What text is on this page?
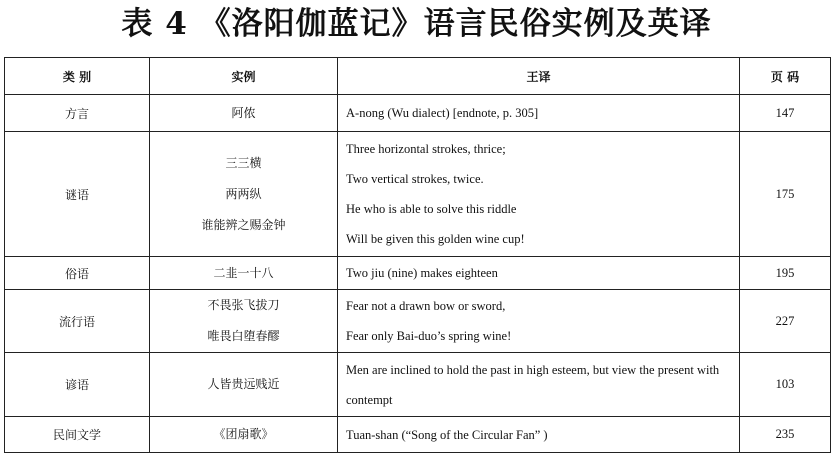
表 4 《洛阳伽蓝记》语言民俗实例及英译
类 别	实例	王译	页 码
方言	阿侬	A-nong (Wu dialect) [endnote, p. 305]	147
谜语	三三横
两两纵
谁能辨之赐金钟	Three horizontal strokes, thrice;
Two vertical strokes, twice.
He who is able to solve this riddle
Will be given this golden wine cup!	175
俗语	二韭一十八	Two jiu (nine) makes eighteen	195
流行语	不畏张飞拔刀
唯畏白堕春醪	Fear not a drawn bow or sword,
Fear only Bai-duo’s spring wine!	227
谚语	人皆贵远贱近	Men are inclined to hold the past in high esteem, but view the present with
contempt	103
民间文学	《团扇歌》	Tuan-shan (“Song of the Circular Fan” )	235
